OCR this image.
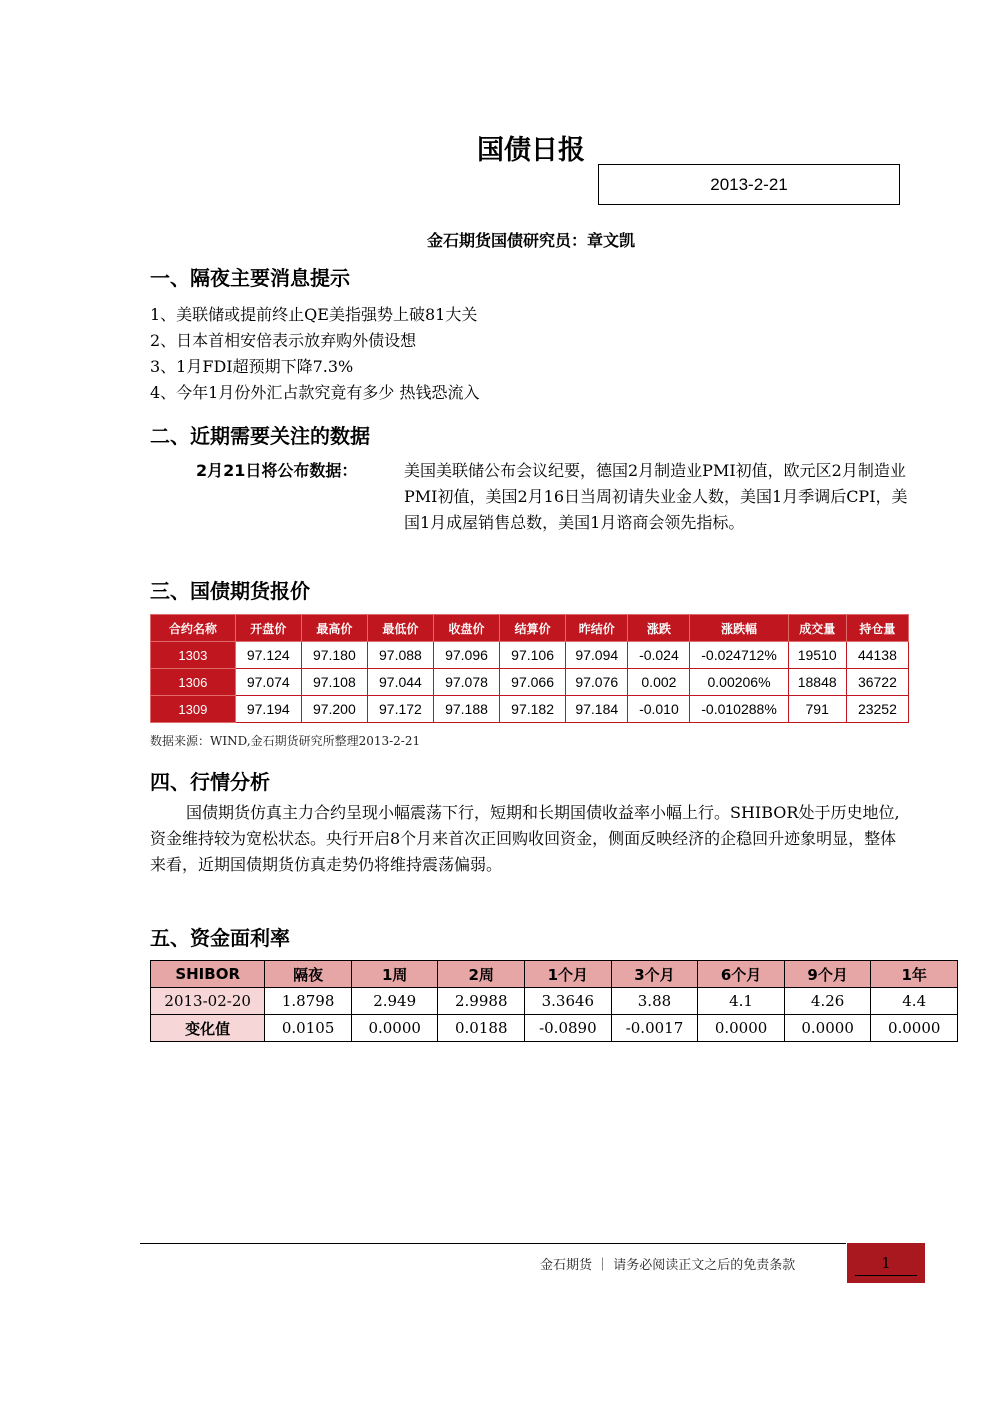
国债日报
2013-2-21
金石期货国债研究员：章文凯
一、隔夜主要消息提示
1、美联储或提前终止QE美指强势上破81大关
2、日本首相安倍表示放弃购外债设想
3、1月FDI超预期下降7.3%
4、今年1月份外汇占款究竟有多少 热钱恐流入
二、近期需要关注的数据
2月21日将公布数据：	美国美联储公布会议纪要，德国2月制造业PMI初值，欧元区2月制造业PMI初值，美国2月16日当周初请失业金人数，美国1月季调后CPI，美国1月成屋销售总数，美国1月谘商会领先指标。
三、国债期货报价
合约名称	开盘价	最高价	最低价	收盘价	结算价	昨结价	涨跌	涨跌幅	成交量	持仓量
1303	97.124	97.180	97.088	97.096	97.106	97.094	-0.024	-0.024712%	19510	44138
1306	97.074	97.108	97.044	97.078	97.066	97.076	0.002	0.00206%	18848	36722
1309	97.194	97.200	97.172	97.188	97.182	97.184	-0.010	-0.010288%	791	23252
数据来源：WIND,金石期货研究所整理2013-2-21
四、行情分析
国债期货仿真主力合约呈现小幅震荡下行，短期和长期国债收益率小幅上行。SHIBOR处于历史地位,资金维持较为宽松状态。央行开启8个月来首次正回购收回资金，侧面反映经济的企稳回升迹象明显，整体来看，近期国债期货仿真走势仍将维持震荡偏弱。
五、资金面利率
SHIBOR	隔夜	1周	2周	1个月	3个月	6个月	9个月	1年
2013-02-20	1.8798	2.949	2.9988	3.3646	3.88	4.1	4.26	4.4
变化值	0.0105	0.0000	0.0188	-0.0890	-0.0017	0.0000	0.0000	0.0000
金石期货 ｜ 请务必阅读正文之后的免责条款	1
